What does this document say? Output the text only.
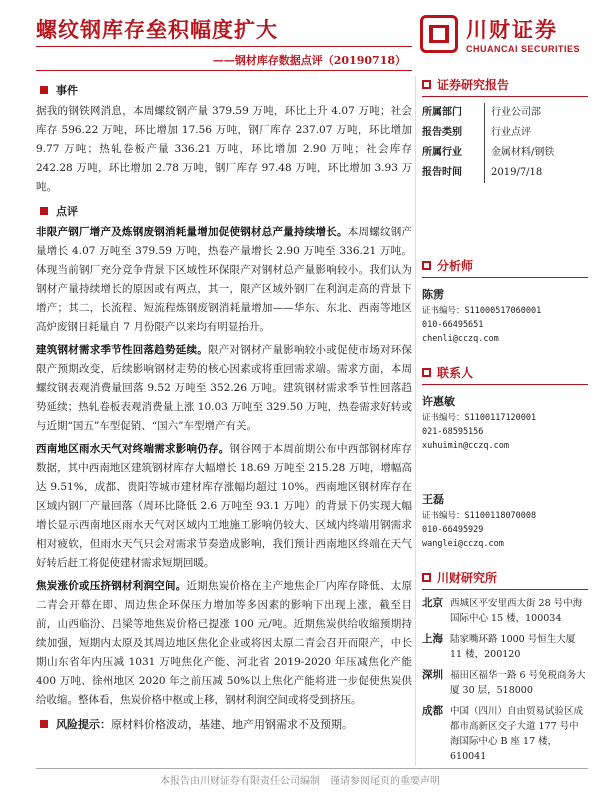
螺纹钢库存垒积幅度扩大	川财证券
CHUANCAI SECURITIES
——钢材库存数据点评（20190718）
事件

据我的钢铁网消息，本周螺纹钢产量 379.59 万吨，环比上升 4.07 万吨；社会库存 596.22 万吨，环比增加 17.56 万吨，钢厂库存 237.07 万吨，环比增加 9.77 万吨；热轧卷板产量 336.21 万吨，环比增加 2.90 万吨；社会库存 242.28 万吨，环比增加 2.78 万吨，钢厂库存 97.48 万吨，环比增加 3.93 万吨。

点评

非限产钢厂增产及炼钢废钢消耗量增加促使钢材总产量持续增长。本周螺纹钢产量增长 4.07 万吨至 379.59 万吨，热卷产量增长 2.90 万吨至 336.21 万吨。体现当前钢厂充分竞争背景下区域性环保限产对钢材总产量影响较小。我们认为钢材产量持续增长的原因或有两点，其一，限产区域外钢厂在利润走高的背景下增产；其二，长流程、短流程炼钢废钢消耗量增加——华东、东北、西南等地区高炉废钢日耗量自 7 月份限产以来均有明显抬升。

建筑钢材需求季节性回落趋势延续。限产对钢材产量影响较小或促使市场对环保限产预期改变，后续影响钢材走势的核心因素或将重回需求端。需求方面，本周螺纹钢表观消费量回落 9.52 万吨至 352.26 万吨。建筑钢材需求季节性回落趋势延续；热轧卷板表观消费量上涨 10.03 万吨至 329.50 万吨，热卷需求好转或与近期“国五”车型促销、“国六”车型增产有关。

西南地区雨水天气对终端需求影响仍存。钢谷网于本周前期公布中西部钢材库存数据，其中西南地区建筑钢材库存大幅增长 18.69 万吨至 215.28 万吨，增幅高达 9.51%，成都、贵阳等城市建材库存涨幅均超过 10%。西南地区钢材库存在区域内钢厂产量回落（周环比降低 2.6 万吨至 93.1 万吨）的背景下仍实现大幅增长显示西南地区雨水天气对区域内工地施工影响仍较大、区域内终端用钢需求相对疲软，但雨水天气只会对需求节奏造成影响，我们预计西南地区终端在天气好转后赶工将促使建材需求短期回暖。

焦炭涨价或压挤钢材利润空间。近期焦炭价格在主产地焦企厂内库存降低、太原二青会开幕在即、周边焦企环保压力增加等多因素的影响下出现上涨，截至目前，山西临汾、吕梁等地焦炭价格已提涨 100 元/吨。近期焦炭供给收缩预期持续加强，短期内太原及其周边地区焦化企业或将因太原二青会召开而限产，中长期山东省年内压减 1031 万吨焦化产能、河北省 2019-2020 年压减焦化产能 400 万吨、徐州地区 2020 年之前压减 50%以上焦化产能将进一步促使焦炭供给收缩。整体看，焦炭价格中枢或上移，钢材利润空间或将受到挤压。

风险提示： 原材料价格波动，基建、地产用钢需求不及预期。
证券研究报告
所属部门	行业公司部
报告类别	行业点评
所属行业	金属材料/钢铁
报告时间	2019/7/18
分析师
陈雳
证书编号：S1100051706000​1
010-66495651
chenli@cczq.com
联系人
许惠敏
证书编号：S1100117120001
021-68595156
xuhuimin@cczq.com
王磊
证书编号：S1100118070008
010-66495929
wanglei@cczq.com
川财研究所
北京 西城区平安里西大街 28 号中海国际中心 15 楼，100034
上海 陆家嘴环路 1000 号恒生大厦 11 楼，200120
深圳 福田区福华一路 6 号免税商务大厦 30 层，518000
成都 中国（四川）自由贸易试验区成都市高新区交子大道 177 号中海国际中心 B 座 17 楼，610041
本报告由川财证券有限责任公司编制　谨请参阅尾页的重要声明
